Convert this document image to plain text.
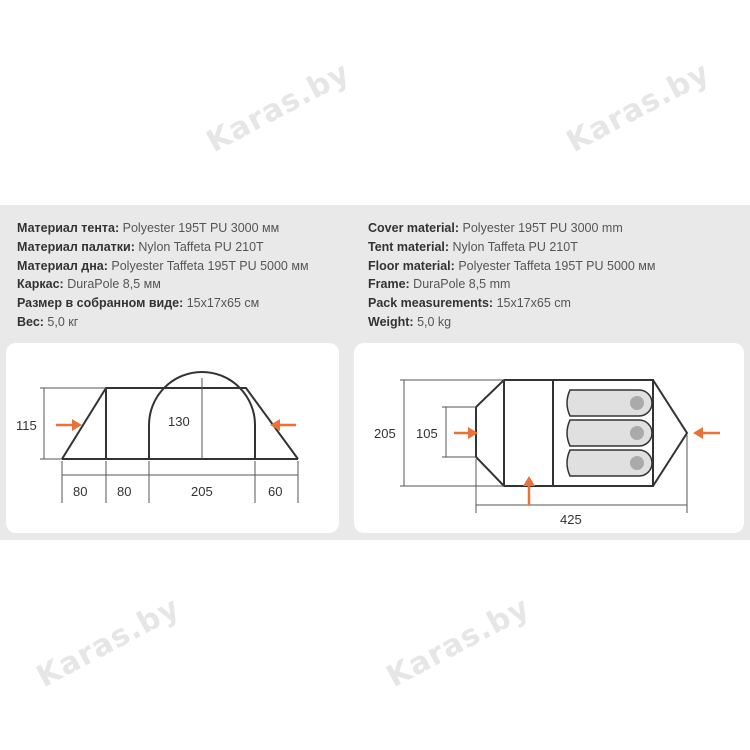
Karas.by	Karas.by
Karas.by	Karas.by
Материал тента: Polyester 195T PU 3000 мм
Материал палатки: Nylon Taffeta PU 210T
Материал дна: Polyester Taffeta 195T PU 5000 мм
Каркас: DuraPole 8,5 мм
Размер в собранном виде: 15x17x65 см
Вес: 5,0 кг
Cover material: Polyester 195T PU 3000 mm
Tent material: Nylon Taffeta PU 210T
Floor material: Polyester Taffeta 195T PU 5000 мм
Frame: DuraPole 8,5 mm
Pack measurements: 15x17x65 cm
Weight: 5,0 kg
115	130
80 80	205	60
205 105
425
